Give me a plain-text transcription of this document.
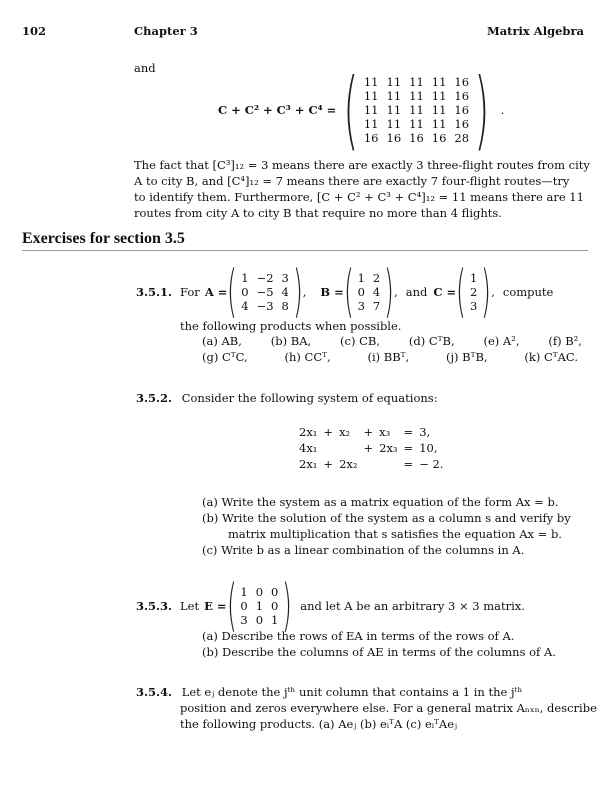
102	Chapter 3	Matrix Algebra
and
C + C² + C³ + C⁴ = ( 11	11	11	11	16
11	11	11	11	16
11	11	11	11	16
11	11	11	11	16
16	16	16	16	28 ) .
The fact that [C³]₁₂ = 3 means there are exactly 3 three-flight routes from city
A to city B, and [C⁴]₁₂ = 7 means there are exactly 7 four-flight routes—try
to identify them. Furthermore, [C + C² + C³ + C⁴]₁₂ = 11 means there are 11
routes from city A to city B that require no more than 4 flights.
Exercises for section 3.5
3.5.1. For A = ( 1	−2	3
0	−5	4
4	−3	8 ) , B = ( 1	2
0	4
3	7 ) , and C = ( 1
2
3 ) , compute
the following products when possible.
(a) AB,	(b) BA,	(c) CB,	(d) CᵀB,	(e) A²,	(f) B²,
(g) CᵀC,	(h) CCᵀ,	(i) BBᵀ,	(j) BᵀB,	(k) CᵀAC.
3.5.2. Consider the following system of equations:
2x₁	+	x₂	+	x₃	=	3,
4x₁			+	2x₃	=	10,
2x₁	+	2x₂			=	− 2.
(a) Write the system as a matrix equation of the form Ax = b.
(b) Write the solution of the system as a column s and verify by
matrix multiplication that s satisfies the equation Ax = b.
(c) Write b as a linear combination of the columns in A.
3.5.3. Let E = ( 1	0	0
0	1	0
3	0	1 ) and let A be an arbitrary 3 × 3 matrix.
(a) Describe the rows of EA in terms of the rows of A.
(b) Describe the columns of AE in terms of the columns of A.
3.5.4. Let eⱼ denote the jᵗʰ unit column that contains a 1 in the jᵗʰ
position and zeros everywhere else. For a general matrix Aₙₓₙ, describe
the following products. (a) Aeⱼ (b) eᵢᵀA (c) eᵢᵀAeⱼ
